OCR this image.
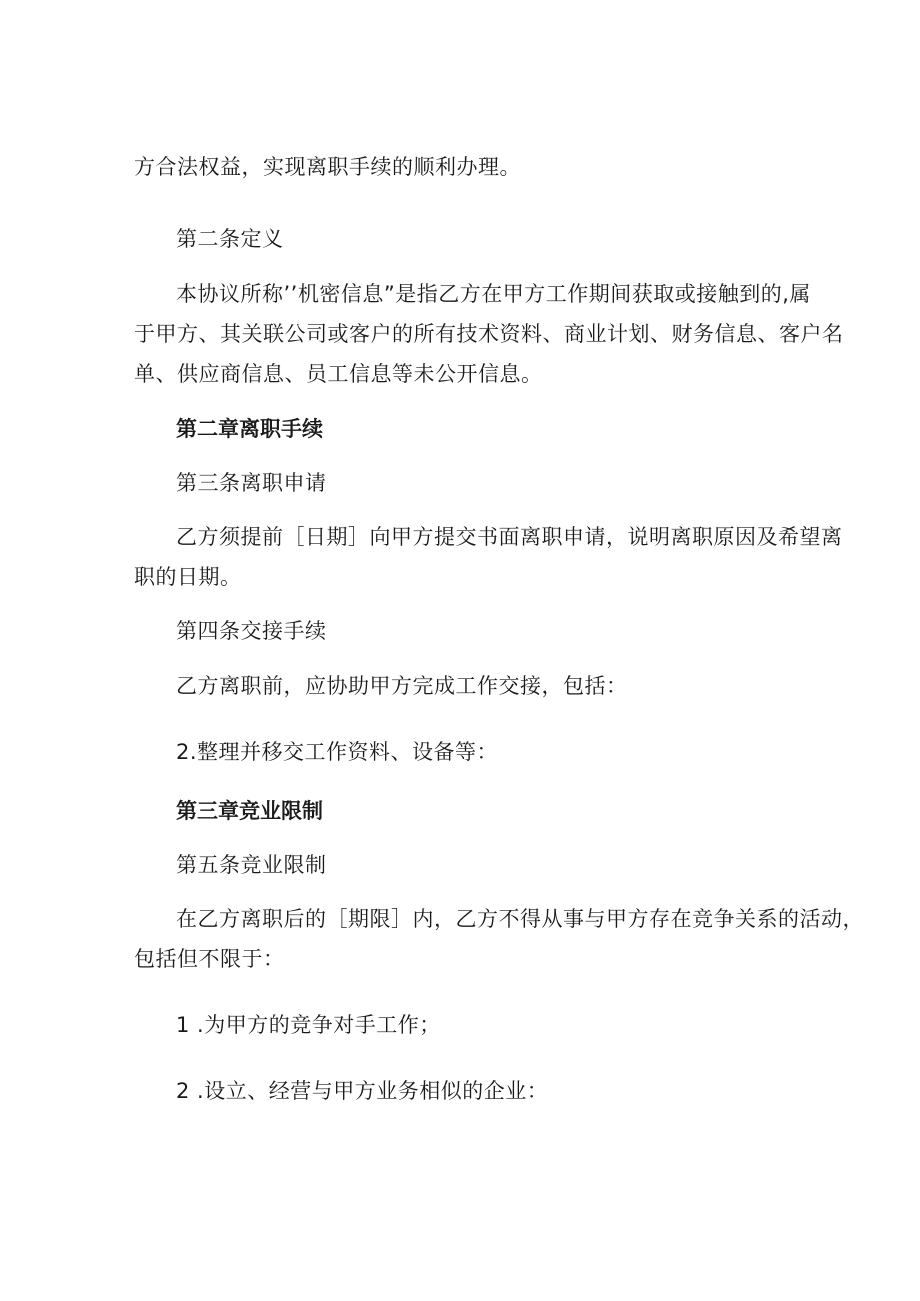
方合法权益，实现离职手续的顺利办理。
第二条定义
本协议所称’’机密信息”是指乙方在甲方工作期间获取或接触到的,属
于甲方、其关联公司或客户的所有技术资料、商业计划、财务信息、客户名
单、供应商信息、员工信息等未公开信息。
第二章离职手续
第三条离职申请
乙方须提前［日期］向甲方提交书面离职申请，说明离职原因及希望离
职的日期。
第四条交接手续
乙方离职前，应协助甲方完成工作交接，包括：
2.整理并移交工作资料、设备等：
第三章竞业限制
第五条竞业限制
在乙方离职后的［期限］内，乙方不得从事与甲方存在竞争关系的活动，
包括但不限于：
1 .为甲方的竞争对手工作；
2 .设立、经营与甲方业务相似的企业：
